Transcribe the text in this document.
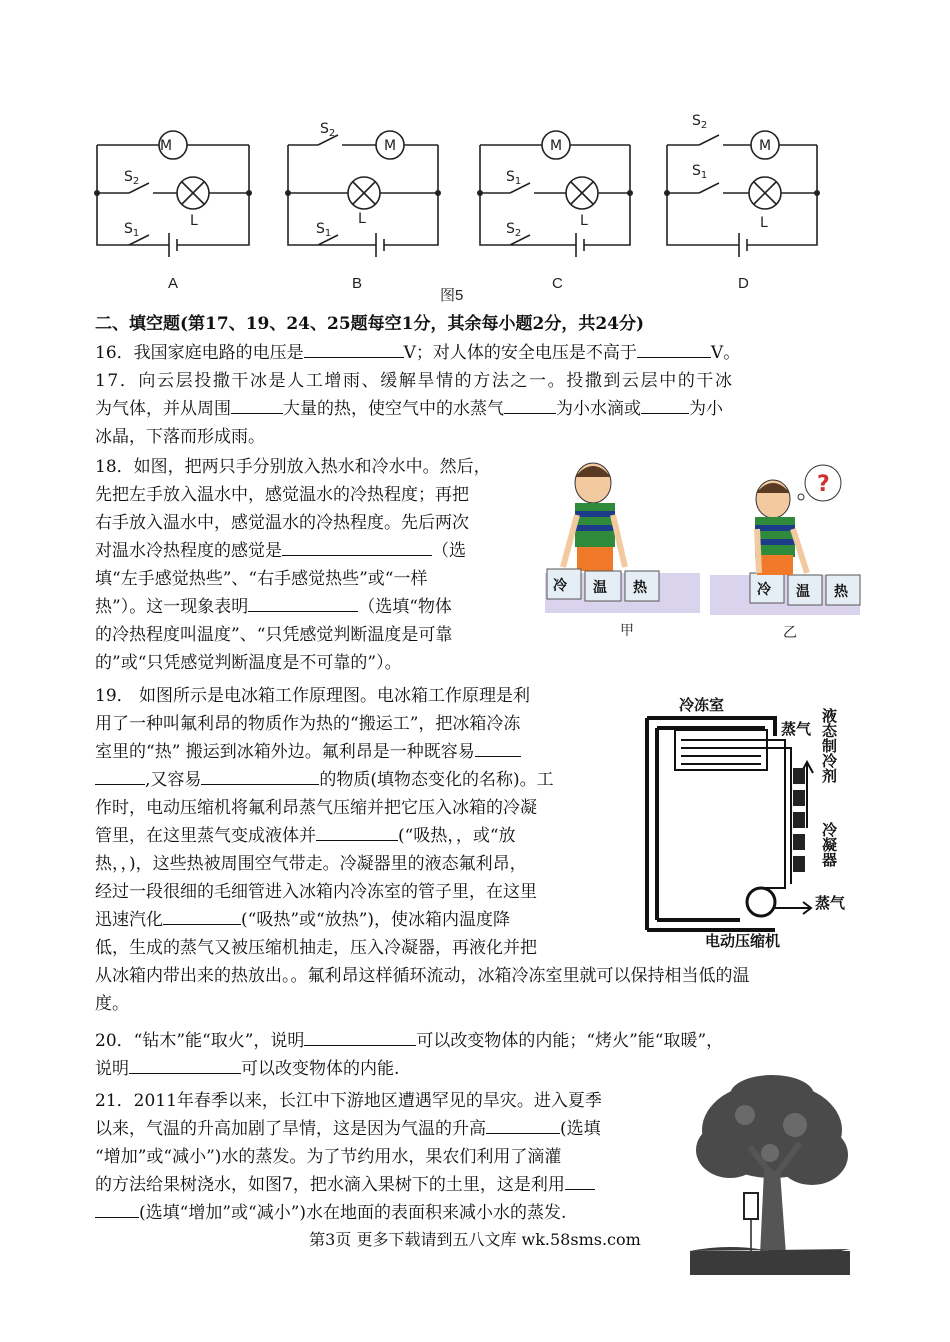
M
$S_2$
$S_1$
L
$S_2$
M
L
$S_1$
M
$S_1$
$S_2$
L
$S_2$
M
$S_1$
L
A	B	C	D
图5
二、填空题(第17、19、24、25题每空1分，其余每小题2分，共24分)
16．我国家庭电路的电压是	V；对人体的安全电压是不高于	V。
17．向云层投撒干冰是人工增雨、缓解旱情的方法之一。投撒到云层中的干冰
为气体，并从周围	大量的热，使空气中的水蒸气	为小水滴或	为小
冰晶，下落而形成雨。
18．如图，把两只手分别放入热水和冷水中。然后，
先把左手放入温水中，感觉温水的冷热程度；再把
右手放入温水中，感觉温水的冷热程度。先后两次
对温水冷热程度的感觉是	（选
填“左手感觉热些”、“右手感觉热些”或“一样
热”）。这一现象表明	（选填“物体
的冷热程度叫温度”、“只凭感觉判断温度是可靠
的”或“只凭感觉判断温度是不可靠的”）。
冷 温 热	冷 温 热
?
甲	乙
19． 如图所示是电冰箱工作原理图。电冰箱工作原理是利
用了一种叫氟利昂的物质作为热的“搬运工”，把冰箱冷冻
室里的“热” 搬运到冰箱外边。氟利昂是一种既容易
,又容易	的物质(填物态变化的名称)。工
作时，电动压缩机将氟利昂蒸气压缩并把它压入冰箱的冷凝
管里，在这里蒸气变成液体并	(“吸热，，或“放
热，，)，这些热被周围空气带走。冷凝器里的液态氟利昂，
经过一段很细的毛细管进入冰箱内冷冻室的管子里，在这里
迅速汽化	(“吸热”或“放热”)，使冰箱内温度降
低，生成的蒸气又被压缩机抽走，压入冷凝器，再液化并把
从冰箱内带出来的热放出。。氟利昂这样循环流动，冰箱冷冻室里就可以保持相当低的温
度。
冷冻室
蒸气
蒸气
电动压缩机
液态制冷剂
冷凝器
20．“钻木”能“取火”，说明	可以改变物体的内能；“烤火”能“取暖”，
说明	可以改变物体的内能.
21．2011年春季以来，长江中下游地区遭遇罕见的旱灾。进入夏季
以来，气温的升高加剧了旱情，这是因为气温的升高	(选填
“增加”或“减小”)水的蒸发。为了节约用水，果农们利用了滴灌
的方法给果树浇水，如图7，把水滴入果树下的土里，这是利用
(选填“增加”或“减小”)水在地面的表面积来减小水的蒸发.
第3页 更多下载请到五八文库 wk.58sms.com
